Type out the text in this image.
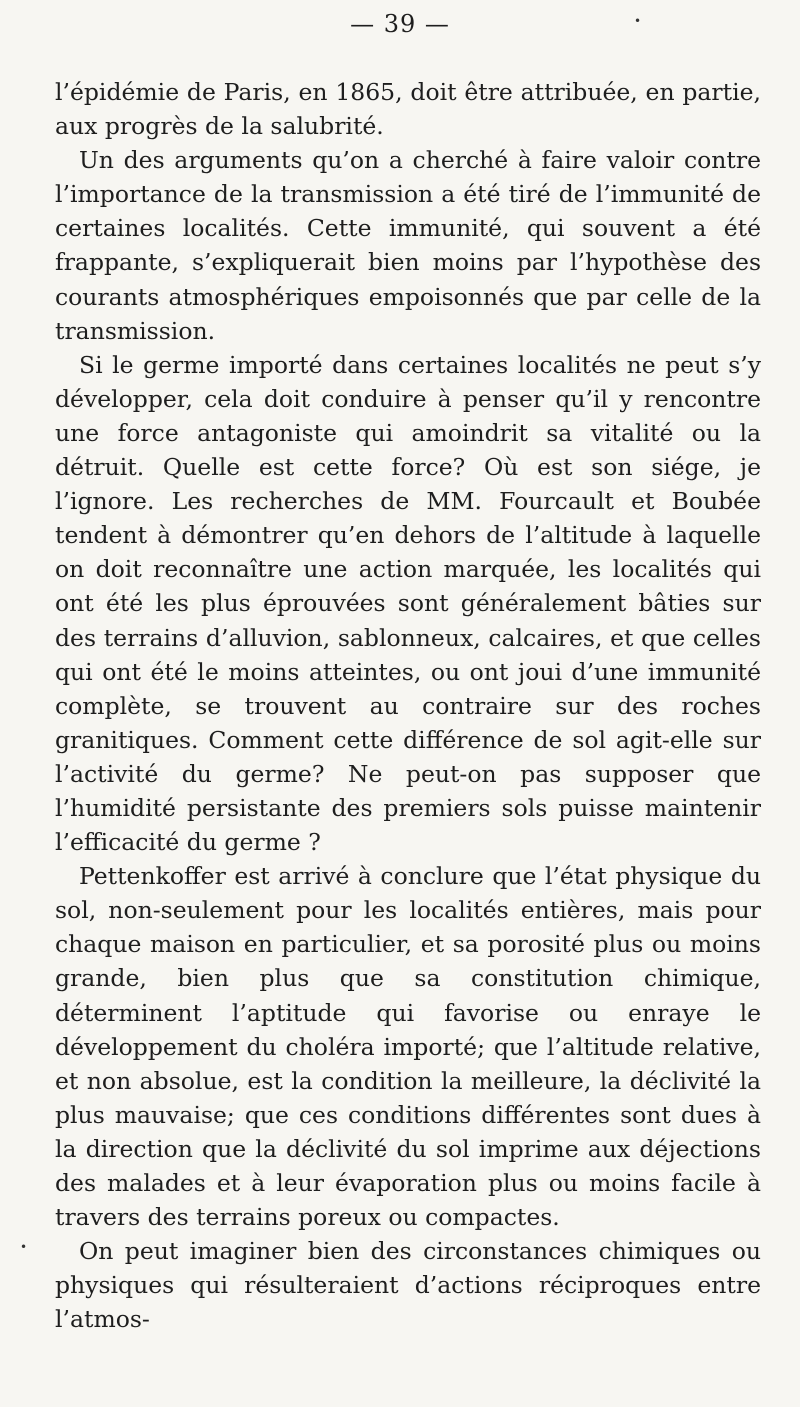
— 39 —	•
•

l’épidémie de Paris, en 1865, doit être attribuée, en partie, aux progrès de la salubrité.

Un des arguments qu’on a cherché à faire valoir contre l’importance de la transmission a été tiré de l’immunité de certaines localités. Cette immunité, qui souvent a été frappante, s’expliquerait bien moins par l’hypothèse des courants atmosphériques empoisonnés que par celle de la transmission.

Si le germe importé dans certaines localités ne peut s’y développer, cela doit conduire à penser qu’il y rencontre une force antagoniste qui amoindrit sa vitalité ou la détruit. Quelle est cette force? Où est son siége, je l’ignore. Les recherches de MM. Fourcault et Boubée tendent à démontrer qu’en dehors de l’altitude à laquelle on doit reconnaître une action marquée, les localités qui ont été les plus éprouvées sont généralement bâties sur des terrains d’alluvion, sablonneux, calcaires, et que celles qui ont été le moins atteintes, ou ont joui d’une immunité complète, se trouvent au contraire sur des roches granitiques. Comment cette différence de sol agit-elle sur l’activité du germe? Ne peut-on pas supposer que l’humidité persistante des premiers sols puisse maintenir l’efficacité du germe ?

Pettenkoffer est arrivé à conclure que l’état physique du sol, non-seulement pour les localités entières, mais pour chaque maison en particulier, et sa porosité plus ou moins grande, bien plus que sa constitution chimique, déterminent l’aptitude qui favorise ou enraye le développement du choléra importé; que l’altitude relative, et non absolue, est la condition la meilleure, la déclivité la plus mauvaise; que ces conditions différentes sont dues à la direction que la déclivité du sol imprime aux déjections des malades et à leur évaporation plus ou moins facile à travers des terrains poreux ou compactes.

On peut imaginer bien des circonstances chimiques ou physiques qui résulteraient d’actions réciproques entre l’atmos-
